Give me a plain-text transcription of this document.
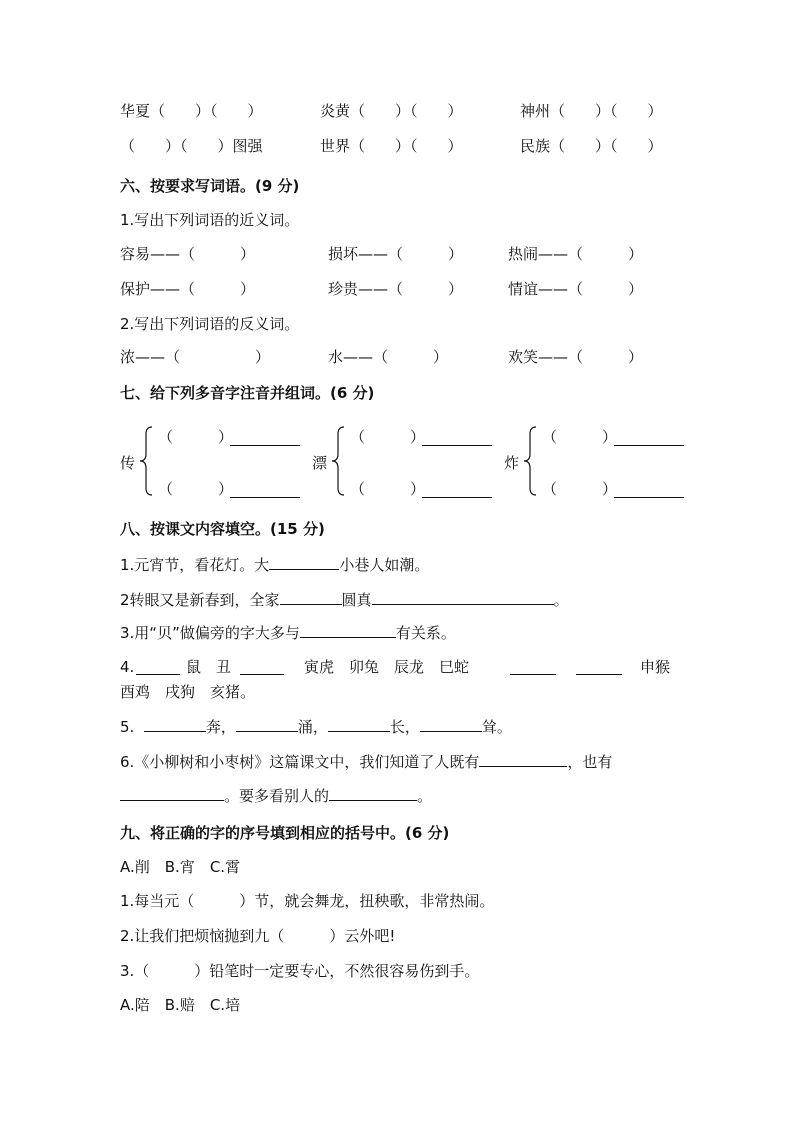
华夏（　　）（　　）	炎黄（　　）（　　）	神州（　　）（　　）
（　　）（　　）图强	世界（　　）（　　）	民族（　　）（　　）
六、按要求写词语。(9 分)
1.写出下列词语的近义词。
容易——（　　　）	损坏——（　　　）	热闹——（　　　）
保护——（　　　）	珍贵——（　　　）	情谊——（　　　）
2.写出下列词语的反义词。
浓——（　　　　　）	水——（　　　）	欢笑——（　　　）
七、给下列多音字注音并组词。(6 分)
传
（　　　）
（　　　）
漂
（　　　）
（　　　）
炸
（　　　）
（　　　）
八、按课文内容填空。(15 分)
1.元宵节，看花灯。大	小巷人如潮。
2转眼又是新春到，全家	圆真	。
3.用“贝”做偏旁的字大多与	有关系。
4.	鼠　丑	寅虎　卯兔　辰龙　巳蛇	申猴
酉鸡　戌狗　亥猪。
5.	奔，	涌，	长，	耸。
6.《小柳树和小枣树》这篇课文中，我们知道了人既有	，也有
。要多看别人的	。
九、将正确的字的序号填到相应的括号中。(6 分)
A.削　B.宵　C.霄
1.每当元（　　　）节，就会舞龙，扭秧歌，非常热闹。
2.让我们把烦恼抛到九（　　　）云外吧!
3.（　　　）铅笔时一定要专心，不然很容易伤到手。
A.陪　B.赔　C.培
